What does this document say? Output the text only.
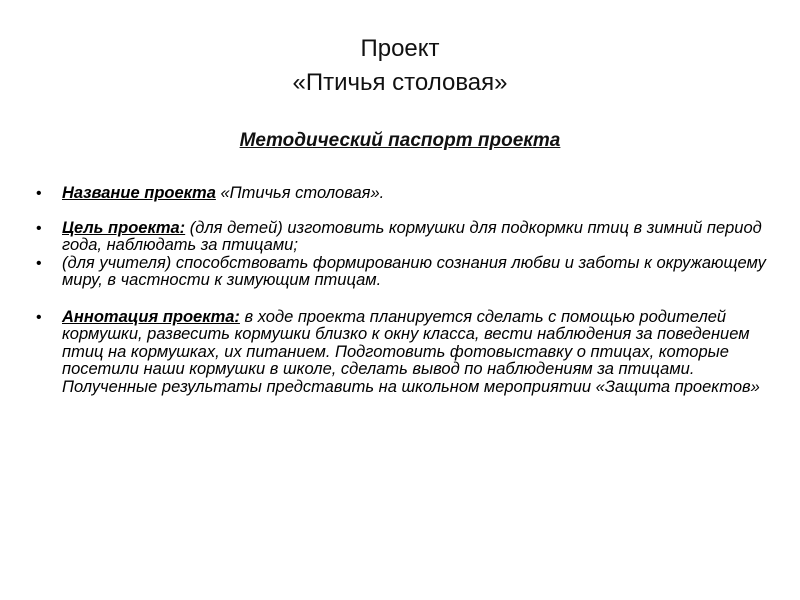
Проект
«Птичья столовая»
Методический паспорт проекта
• Название проекта «Птичья столовая».
• Цель проекта: (для детей) изготовить кормушки для подкормки птиц в зимний период года, наблюдать за птицами;
• (для учителя) способствовать формированию сознания любви и заботы к окружающему миру, в частности к зимующим птицам.
• Аннотация проекта: в ходе проекта планируется сделать с помощью родителей кормушки, развесить кормушки близко к окну класса, вести наблюдения за поведением птиц на кормушках, их питанием. Подготовить фотовыставку о птицах, которые посетили наши кормушки в школе, сделать вывод по наблюдениям за птицами. Полученные результаты представить на школьном мероприятии «Защита проектов»
